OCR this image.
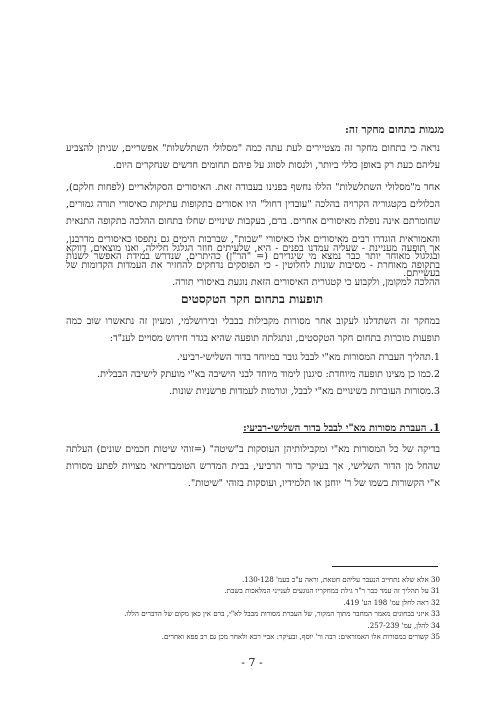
מגמות בתחום מחקר זה:
נראה כי בתחום מחקר זה מצטיירים לעת עתה כמה "מסלולי השתלשלות" אפשריים, שניתן להצביע עליהם כעת רק באופן כללי ביותר, ולנסות לסווג על פיהם תחומים חדשים שנחקרים היום.
אחד מ"מסלולי השתלשלות" הללו נחשף בפנינו בעבודה זאת. האיסורים הסקולאריים (לפחות חלקם), הכלולים בקטגוריה הקרויה בהלכה "עובדין דחול" היו אסורים בתקופות עתיקות כאיסורי תורה גמורים, שחומרתם אינה נופלת מאיסורים אחרים. ברם, בעקבות שינויים שחלו בתחום ההלכה בתקופה התנאית והאמוראית הוגדרו רבים מאיסורים אלו כאיסורי "שבות", שברבות הימים גם נתפסו כאיסורים מדרבנן, ובגלגול מאוחר יותר כבר נמצא מי שיגדירם (= "הר"ן) כהיתרים, שנדרש במידת האפשר לשנות בעשייתם.
אך תופעה מעניינת - שעליה עמדנו בפנים - היא, שלעיתים חוזר הגלגל חלילה, ואנו מוצאים, דווקא בתקופה מאוחרת - מסיבות שונות לחלוטין - כי הפוסקים נדחקים להחזיר את העמדות הקדומות של ההלכה למקומן, ולקבוע כי קטגורית האיסורים הזאת נוגעת באיסורי תורה.
תופעות בתחום חקר הטקסטים
במחקר זה השתדלנו לעקוב אחר מסורות מקבילות בבבלי ובירושלמי, ומעיון זה נתאשרו שוב כמה תופעות מוכרות בתחום חקר הטקסטים, ונתגלתה תופעה שהיא בגדר חידוש מסויים לענ"ד:
1.תהליך העברת המסורות מא"י לבבל גובר במיוחד בדור השלישי-רביעי.
2.כמו כן מצינו תופעה מיוחדת: סיגנון לימוד מיוחד לבני הישיבה בא"י מועתק לישיבה הבבלית.
3.מסורות העוברות בשינויים מא"י לבבל, וגורמות לעמדות פרשניות שונות.
1. העברת מסורות מא"י לבבל בדור השלישי-רביעי:
בדיקה של כל המסורות מא"י ומקבילותיהן העוסקות ב"שיטה" (=זוהי שיטות חכמים שונים) העלתה שהחל מן הדור השלישי, אך בעיקר בדור הרביעי, בבית המדרש הטומבדיתאי מצויות לפתע מסורות א"י הקשורות בשמו של ר' יוחנן או תלמידיו, ועוסקות בזוהי "שיטות".
30 אלא שלא נתחייב הנעבר עליהם חטאת, וראה ע"כ בעמ' 130-128.
31 על תהליך זה עמד כבר ר"ד גילת במחקריו הנוגעים לענייני המלאכות בשבת.
32 ראה לחלן עמ' 198 הע' 419.
33 איזני בבחונים מאמר המחבר מתוך המקור, של העברת מסורות מבבל לא"י, ברם אין כאן מקום של הדברים הללו.
34 להלן, עמ' 257-239.
35 קשורים במסורות אלו האמוראים: רבה ור' יוסף, ובעיקר: אביי רבא ולאחר מכן גם רב פפא ואחרים.
- 7 -
